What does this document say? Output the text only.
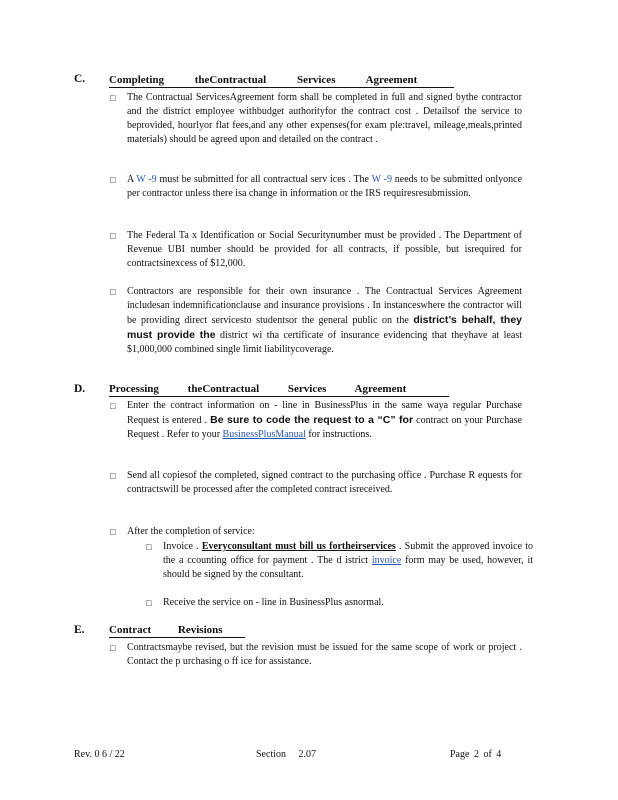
C. Completing theContractual Services Agreement
□ The Contractual ServicesAgreement form shall be completed in full and signed bythe contractor and the district employee withbudget authorityfor the contract cost . Detailsof the service to beprovided, hourlyor flat fees,and any other expenses(for exam ple:travel, mileage,meals,printed materials) should be agreed upon and detailed on the contract .
□ A W -9 must be submitted for all contractual serv ices . The W -9 needs to be submitted onlyonce per contractor unless there isa change in information or the IRS requiresresubmission.
□ The Federal Ta x Identification or Social Securitynumber must be provided . The Department of Revenue UBI number should be provided for all contracts, if possible, but isrequired for contractsinexcess of $12,000.
□ Contractors are responsible for their own insurance . The Contractual Services Agreement includesan indemnificationclause and insurance provisions . In instanceswhere the contractor will be providing direct servicesto studentsor the general public on the district’s behalf, they must provide the district wi tha certificate of insurance evidencing that theyhave at least $1,000,000 combined single limit liabilitycoverage.
D. Processing theContractual Services Agreement
□ Enter the contract information on - line in BusinessPlus in the same waya regular Purchase Request is entered . Be sure to code the request to a “C” for contract on your Purchase Request . Refer to your BusinessPlusManual for instructions.
□ Send all copiesof the completed, signed contract to the purchasing office . Purchase R equests for contractswill be processed after the completed contract isreceived.
□ After the completion of service:
□ Invoice . Everyconsultant must bill us fortheirservices . Submit the approved invoice to the a ccounting office for payment . The d istrict invoice form may be used, however, it should be signed by the consultant.
□ Receive the service on - line in BusinessPlus asnormal.
E. Contract Revisions
□ Contractsmaybe revised, but the revision must be issued for the same scope of work or project . Contact the p urchasing o ff ice for assistance.
Rev. 0 6 / 22	Section 2.07	Page 2 of 4
